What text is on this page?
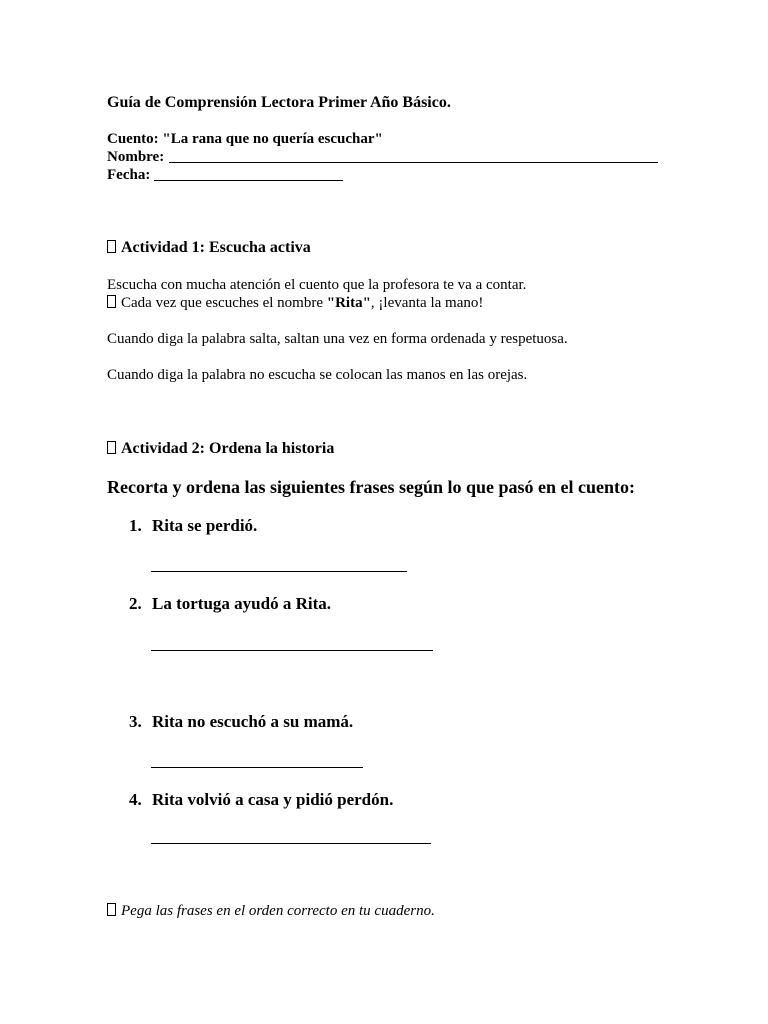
Guía de Comprensión Lectora Primer Año Básico.
Cuento: "La rana que no quería escuchar"
Nombre:
Fecha:
Actividad 1: Escucha activa
Escucha con mucha atención el cuento que la profesora te va a contar.
Cada vez que escuches el nombre "Rita", ¡levanta la mano!
Cuando diga la palabra salta, saltan una vez en forma ordenada y respetuosa.
Cuando diga la palabra no escucha se colocan las manos en las orejas.
Actividad 2: Ordena la historia
Recorta y ordena las siguientes frases según lo que pasó en el cuento:
1. Rita se perdió.
2. La tortuga ayudó a Rita.
3. Rita no escuchó a su mamá.
4. Rita volvió a casa y pidió perdón.
Pega las frases en el orden correcto en tu cuaderno.
